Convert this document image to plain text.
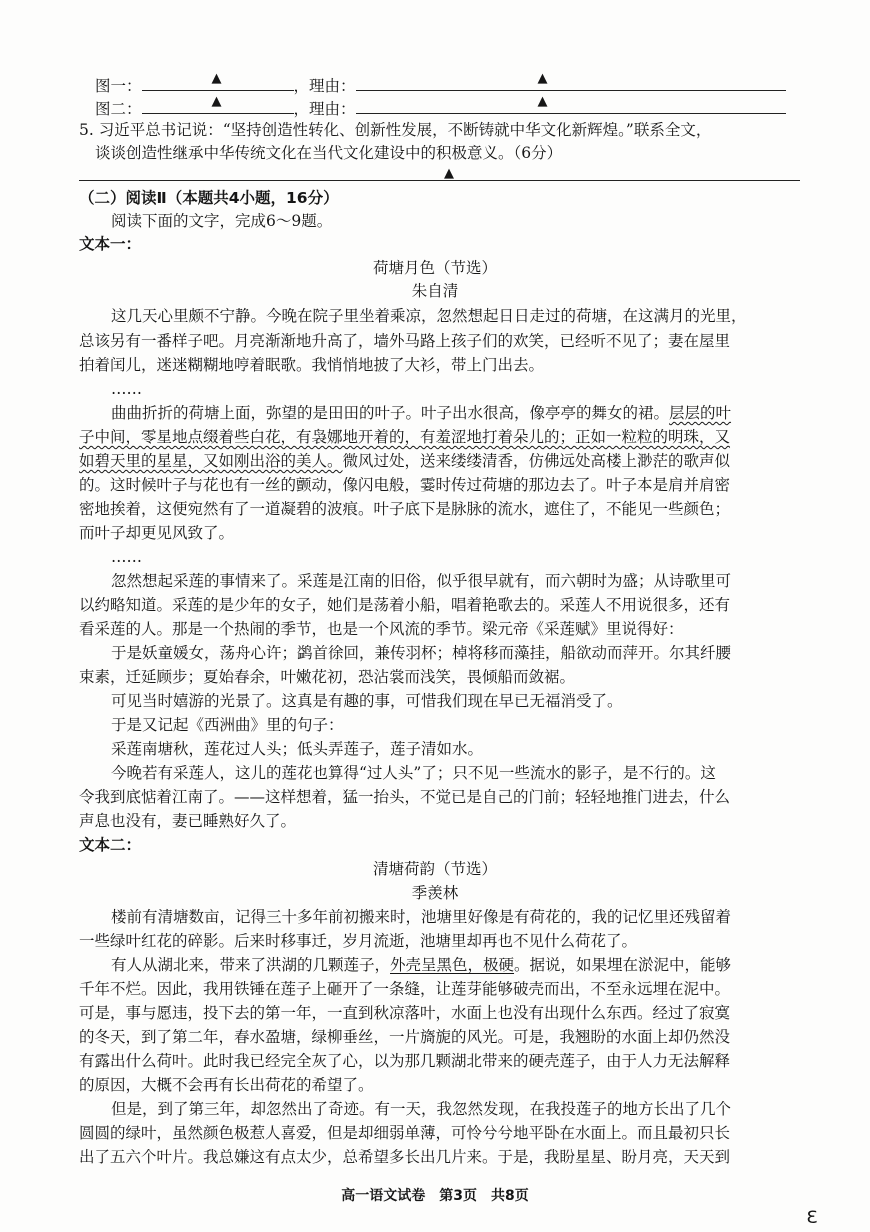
图一：	▲	，理由：	▲
图二：	▲	，理由：	▲
5. 习近平总书记说：“坚持创造性转化、创新性发展，不断铸就中华文化新辉煌。”联系全文，
谈谈创造性继承中华传统文化在当代文化建设中的积极意义。（6分）
▲
（二）阅读Ⅱ（本题共4小题，16分）
阅读下面的文字，完成6～9题。
文本一：
荷塘月色（节选）
朱自清
这几天心里颇不宁静。今晚在院子里坐着乘凉，忽然想起日日走过的荷塘，在这满月的光里，
总该另有一番样子吧。月亮渐渐地升高了，墙外马路上孩子们的欢笑，已经听不见了；妻在屋里
拍着闰儿，迷迷糊糊地哼着眠歌。我悄悄地披了大衫，带上门出去。
……
曲曲折折的荷塘上面，弥望的是田田的叶子。叶子出水很高，像亭亭的舞女的裙。层层的叶
子中间，零星地点缀着些白花，有袅娜地开着的，有羞涩地打着朵儿的；正如一粒粒的明珠，又
如碧天里的星星，又如刚出浴的美人。微风过处，送来缕缕清香，仿佛远处高楼上渺茫的歌声似
的。这时候叶子与花也有一丝的颤动，像闪电般，霎时传过荷塘的那边去了。叶子本是肩并肩密
密地挨着，这便宛然有了一道凝碧的波痕。叶子底下是脉脉的流水，遮住了，不能见一些颜色；
而叶子却更见风致了。
……
忽然想起采莲的事情来了。采莲是江南的旧俗，似乎很早就有，而六朝时为盛；从诗歌里可
以约略知道。采莲的是少年的女子，她们是荡着小船，唱着艳歌去的。采莲人不用说很多，还有
看采莲的人。那是一个热闹的季节，也是一个风流的季节。梁元帝《采莲赋》里说得好：
于是妖童媛女，荡舟心许；鹢首徐回，兼传羽杯；棹将移而藻挂，船欲动而萍开。尔其纤腰
束素，迁延顾步；夏始春余，叶嫩花初，恐沾裳而浅笑，畏倾船而敛裾。
可见当时嬉游的光景了。这真是有趣的事，可惜我们现在早已无福消受了。
于是又记起《西洲曲》里的句子：
采莲南塘秋，莲花过人头；低头弄莲子，莲子清如水。
今晚若有采莲人，这儿的莲花也算得“过人头”了；只不见一些流水的影子，是不行的。这
令我到底惦着江南了。——这样想着，猛一抬头，不觉已是自己的门前；轻轻地推门进去，什么
声息也没有，妻已睡熟好久了。
文本二：
清塘荷韵（节选）
季羡林
楼前有清塘数亩，记得三十多年前初搬来时，池塘里好像是有荷花的，我的记忆里还残留着
一些绿叶红花的碎影。后来时移事迁，岁月流逝，池塘里却再也不见什么荷花了。
有人从湖北来，带来了洪湖的几颗莲子，外壳呈黑色，极硬。据说，如果埋在淤泥中，能够
千年不烂。因此，我用铁锤在莲子上砸开了一条缝，让莲芽能够破壳而出，不至永远埋在泥中。
可是，事与愿违，投下去的第一年，一直到秋凉落叶，水面上也没有出现什么东西。经过了寂寞
的冬天，到了第二年，春水盈塘，绿柳垂丝，一片旖旎的风光。可是，我翘盼的水面上却仍然没
有露出什么荷叶。此时我已经完全灰了心，以为那几颗湖北带来的硬壳莲子，由于人力无法解释
的原因，大概不会再有长出荷花的希望了。
但是，到了第三年，却忽然出了奇迹。有一天，我忽然发现，在我投莲子的地方长出了几个
圆圆的绿叶，虽然颜色极惹人喜爱，但是却细弱单薄，可怜兮兮地平卧在水面上。而且最初只长
出了五六个叶片。我总嫌这有点太少，总希望多长出几片来。于是，我盼星星、盼月亮，天天到
高一语文试卷　第3页　共8页
3
